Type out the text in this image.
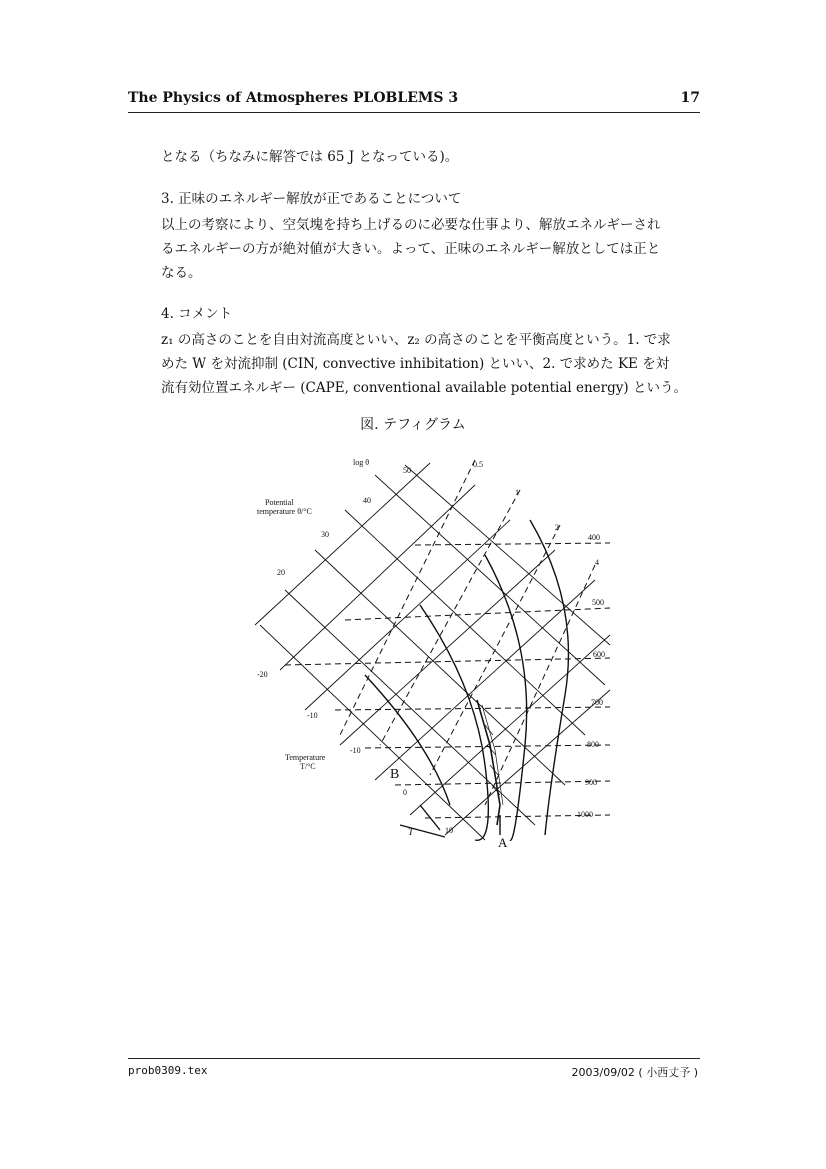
The Physics of Atmospheres PLOBLEMS 3	17
となる（ちなみに解答では 65 J となっている)。
3. 正味のエネルギー解放が正であることについて
以上の考察により、空気塊を持ち上げるのに必要な仕事より、解放エネルギーされ
るエネルギーの方が絶対値が大きい。よって、正味のエネルギー解放としては正と
なる。
4. コメント
z₁ の高さのことを自由対流高度といい、z₂ の高さのことを平衡高度という。1. で求
めた W を対流抑制 (CIN, convective inhibitation) といい、2. で求めた KE を対
流有効位置エネルギー (CAPE, conventional available potential energy) という。
図. テフィグラム
log θ
Potential
temperature θ/°C
Temperature
T/°C
T
A
B
50
40
30
20
-20
-10
-10
0
10
0.5
1
2
4
400
500
600
700
800
900
1000
prob0309.tex	2003/09/02 ( 小西丈予 )
